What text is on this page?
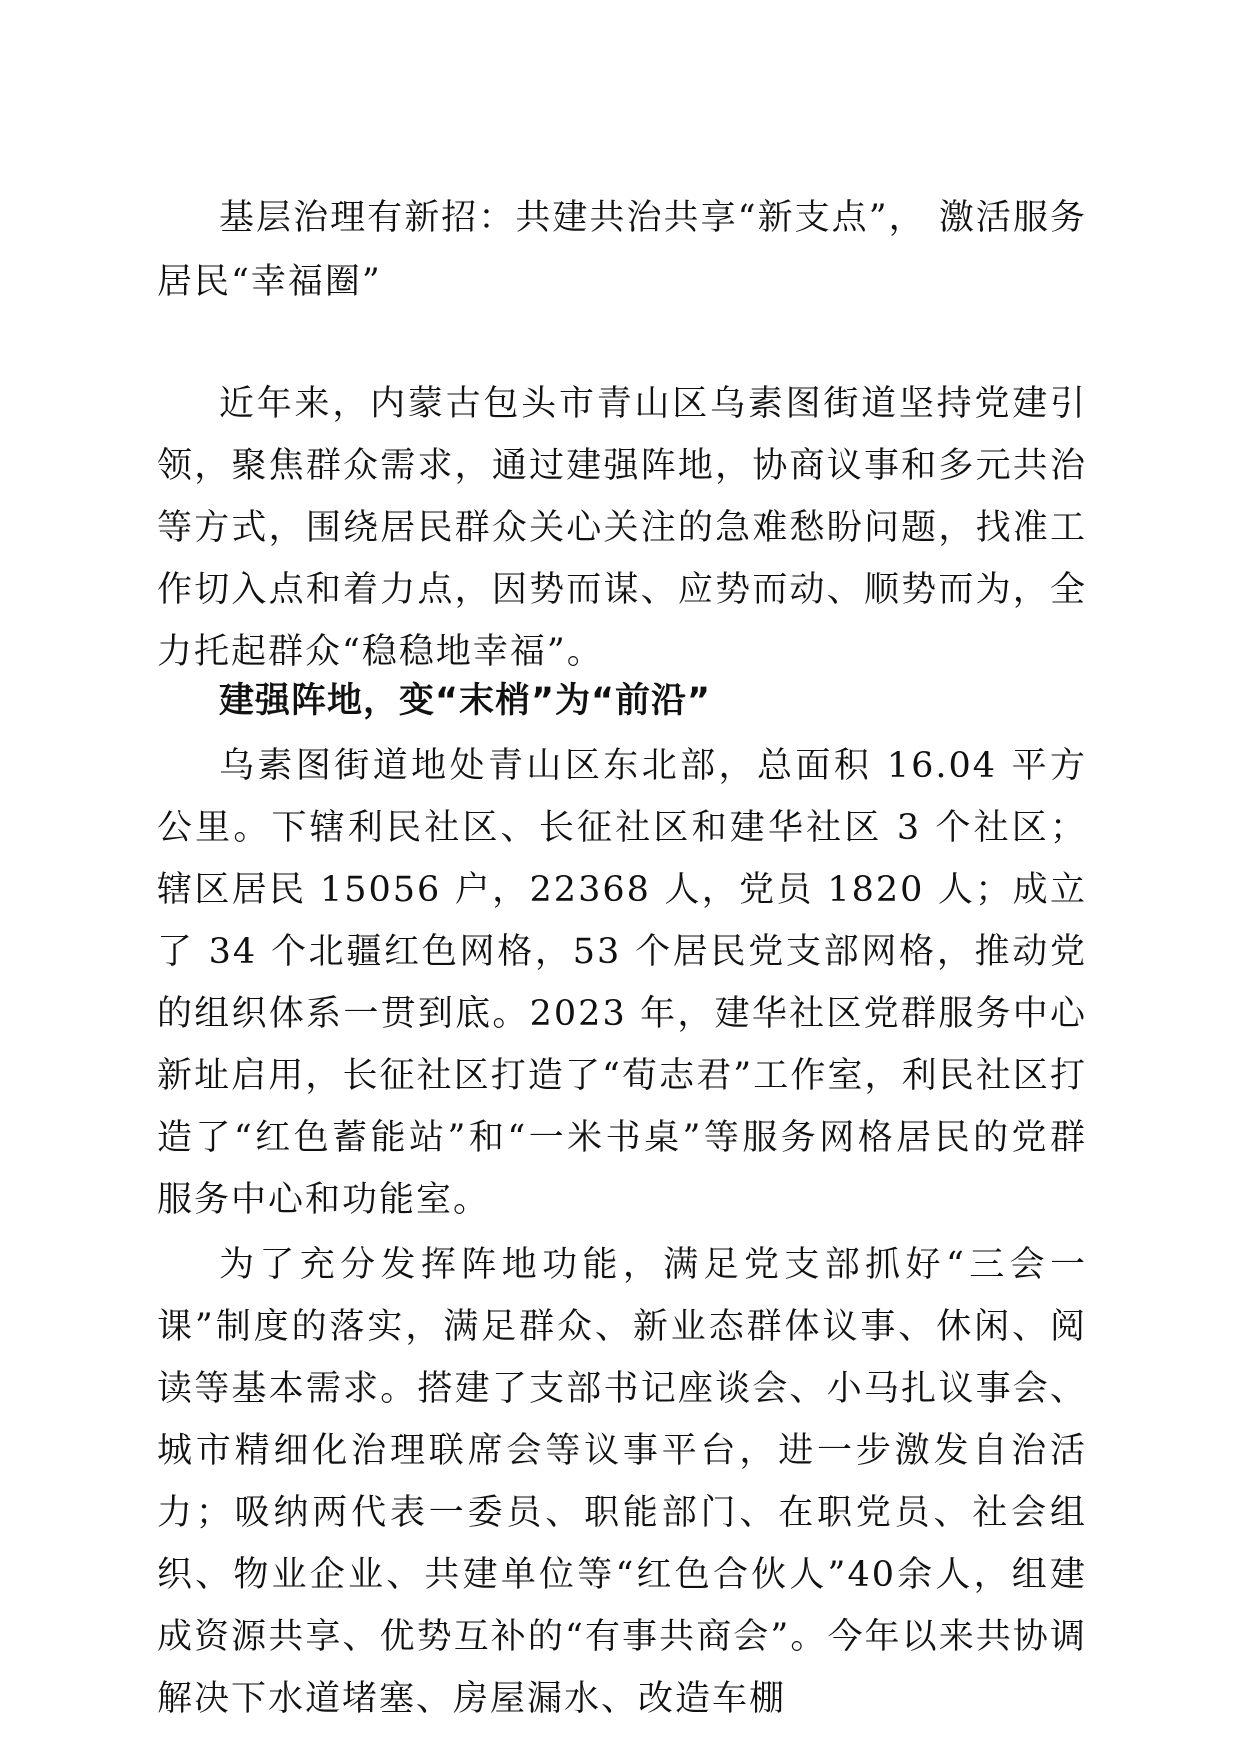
基层治理有新招：共建共治共享“新支点”， 激活服务居民“幸福圈”

近年来，内蒙古包头市青山区乌素图街道坚持党建引领，聚焦群众需求，通过建强阵地，协商议事和多元共治等方式，围绕居民群众关心关注的急难愁盼问题，找准工作切入点和着力点，因势而谋、应势而动、顺势而为，全力托起群众“稳稳地幸福”。

建强阵地，变“末梢”为“前沿”

乌素图街道地处青山区东北部，总面积 16.04 平方公里。下辖利民社区、长征社区和建华社区 3 个社区；辖区居民 15056 户，22368 人，党员 1820 人；成立了 34 个北疆红色网格，53 个居民党支部网格，推动党的组织体系一贯到底。2023 年，建华社区党群服务中心新址启用，长征社区打造了“荀志君”工作室，利民社区打造了“红色蓄能站”和“一米书桌”等服务网格居民的党群服务中心和功能室。

为了充分发挥阵地功能，满足党支部抓好“三会一课”制度的落实，满足群众、新业态群体议事、休闲、阅读等基本需求。搭建了支部书记座谈会、小马扎议事会、城市精细化治理联席会等议事平台，进一步激发自治活力；吸纳两代表一委员、职能部门、在职党员、社会组织、物业企业、共建单位等“红色合伙人”40余人，组建成资源共享、优势互补的“有事共商会”。今年以来共协调解决下水道堵塞、房屋漏水、改造车棚
